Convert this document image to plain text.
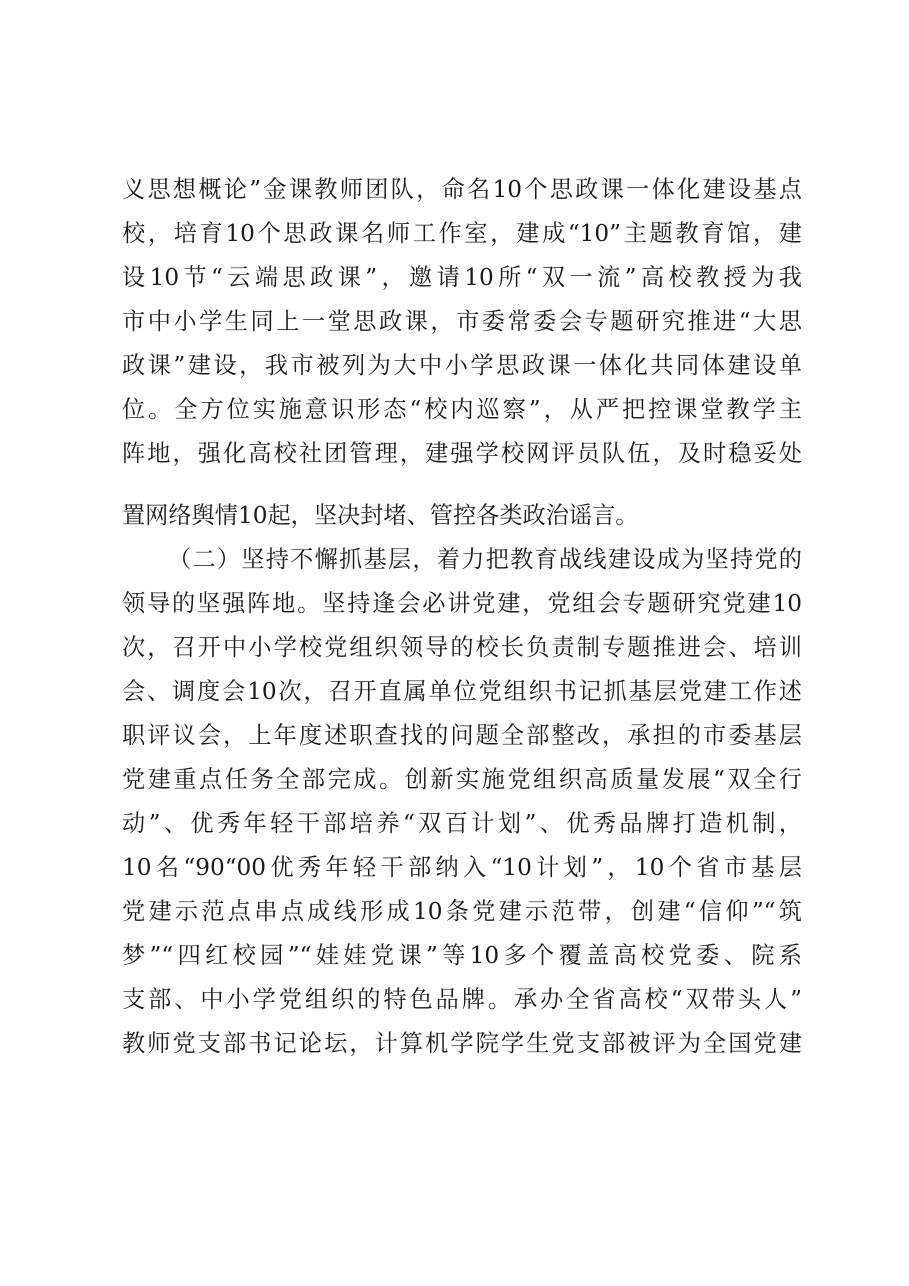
义思想概论”金课教师团队，命名10个思政课一体化建设基点
校，培育10个思政课名师工作室，建成“10”主题教育馆，建
设10节“云端思政课”，邀请10所“双一流”高校教授为我
市中小学生同上一堂思政课，市委常委会专题研究推进“大思
政课”建设，我市被列为大中小学思政课一体化共同体建设单
位。全方位实施意识形态“校内巡察”，从严把控课堂教学主
阵地，强化高校社团管理，建强学校网评员队伍，及时稳妥处
置网络舆情10起，坚决封堵、管控各类政治谣言。
（二）坚持不懈抓基层，着力把教育战线建设成为坚持党的
领导的坚强阵地。坚持逢会必讲党建，党组会专题研究党建10
次，召开中小学校党组织领导的校长负责制专题推进会、培训
会、调度会10次，召开直属单位党组织书记抓基层党建工作述
职评议会，上年度述职查找的问题全部整改，承担的市委基层
党建重点任务全部完成。创新实施党组织高质量发展“双全行
动”、优秀年轻干部培养“双百计划”、优秀品牌打造机制，
10名“90“00优秀年轻干部纳入“10计划”，10个省市基层
党建示范点串点成线形成10条党建示范带，创建“信仰”“筑
梦”“四红校园”“娃娃党课”等10多个覆盖高校党委、院系
支部、中小学党组织的特色品牌。承办全省高校“双带头人”
教师党支部书记论坛，计算机学院学生党支部被评为全国党建
